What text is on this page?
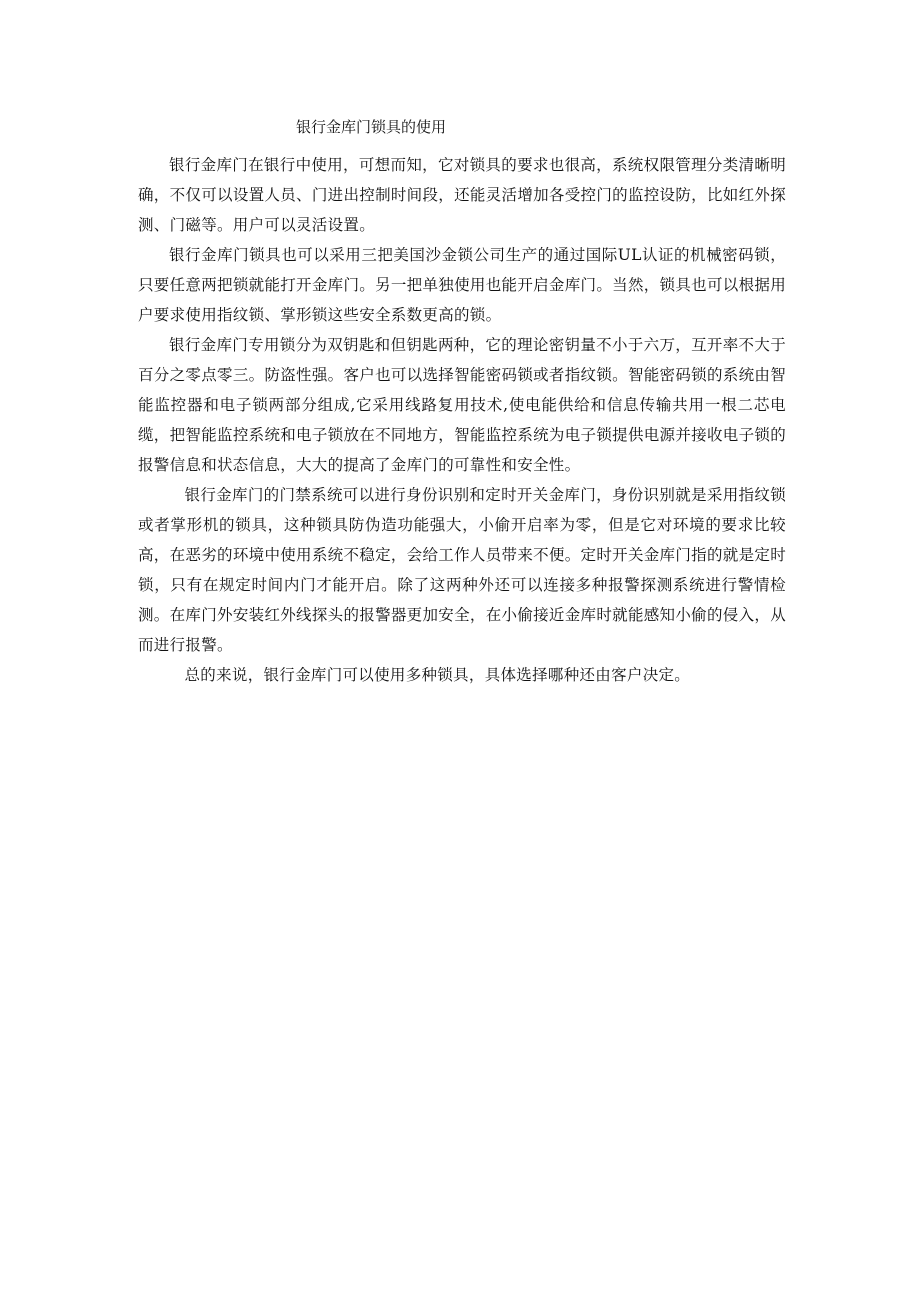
银行金库门锁具的使用

银行金库门在银行中使用，可想而知，它对锁具的要求也很高，系统权限管理分类清晰明确，不仅可以设置人员、门进出控制时间段，还能灵活增加各受控门的监控设防，比如红外探测、门磁等。用户可以灵活设置。

银行金库门锁具也可以采用三把美国沙金锁公司生产的通过国际UL认证的机械密码锁，只要任意两把锁就能打开金库门。另一把单独使用也能开启金库门。当然，锁具也可以根据用户要求使用指纹锁、掌形锁这些安全系数更高的锁。

银行金库门专用锁分为双钥匙和但钥匙两种，它的理论密钥量不小于六万，互开率不大于百分之零点零三。防盗性强。客户也可以选择智能密码锁或者指纹锁。智能密码锁的系统由智能监控器和电子锁两部分组成,它采用线路复用技术,使电能供给和信息传输共用一根二芯电缆，把智能监控系统和电子锁放在不同地方，智能监控系统为电子锁提供电源并接收电子锁的报警信息和状态信息，大大的提高了金库门的可靠性和安全性。

银行金库门的门禁系统可以进行身份识别和定时开关金库门，身份识别就是采用指纹锁或者掌形机的锁具，这种锁具防伪造功能强大，小偷开启率为零，但是它对环境的要求比较高，在恶劣的环境中使用系统不稳定，会给工作人员带来不便。定时开关金库门指的就是定时锁，只有在规定时间内门才能开启。除了这两种外还可以连接多种报警探测系统进行警情检测。在库门外安装红外线探头的报警器更加安全，在小偷接近金库时就能感知小偷的侵入，从而进行报警。

总的来说，银行金库门可以使用多种锁具，具体选择哪种还由客户决定。
